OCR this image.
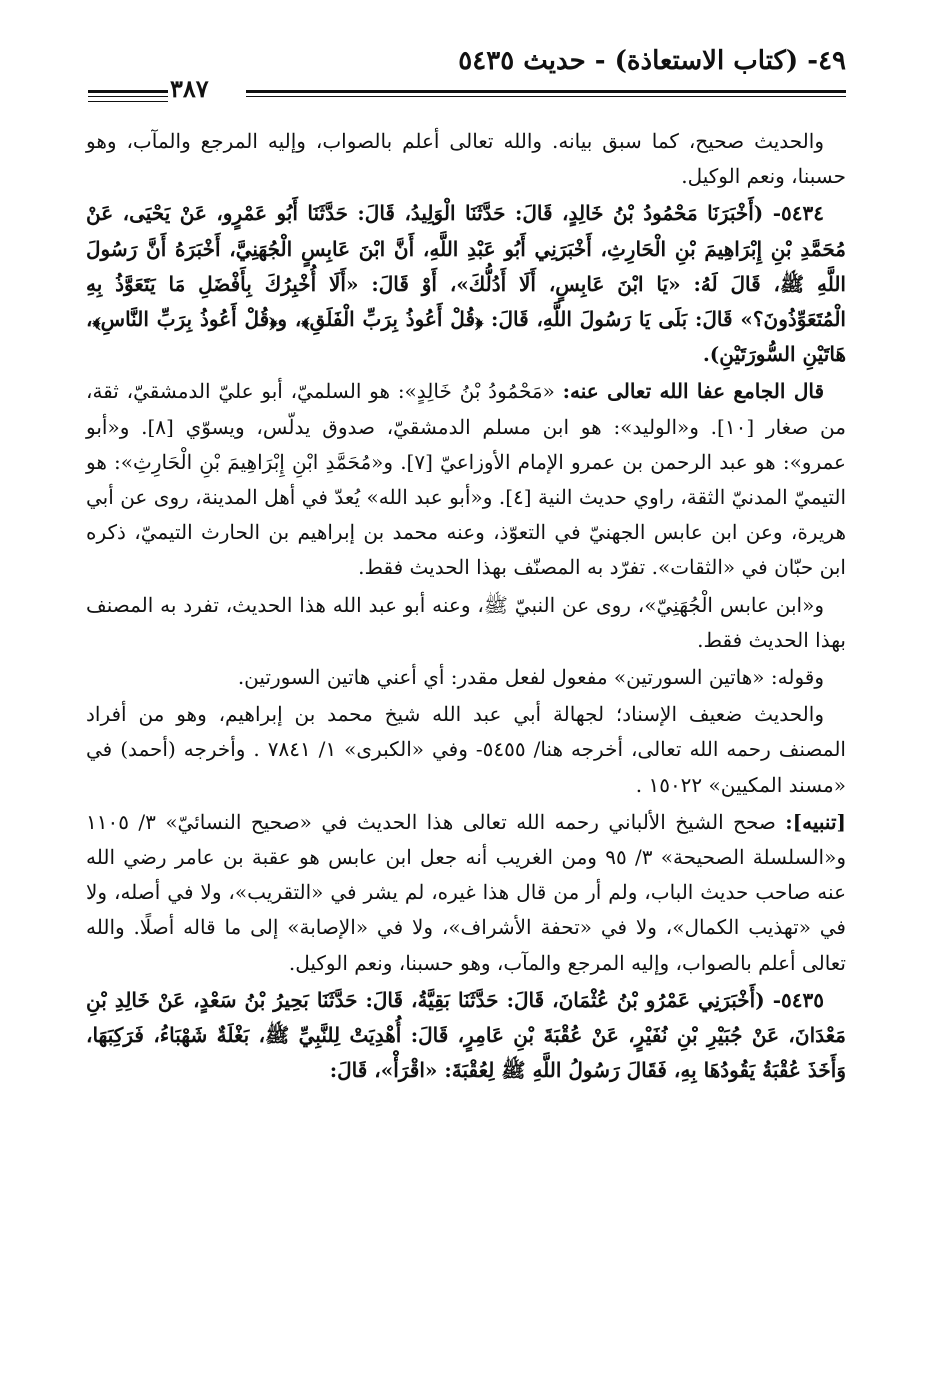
٤٩- (كتاب الاستعاذة) - حديث ٥٤٣٥
٣٨٧

والحديث صحيح، كما سبق بيانه. والله تعالى أعلم بالصواب، وإليه المرجع والمآب، وهو حسبنا، ونعم الوكيل.

٥٤٣٤- (أَخْبَرَنَا مَحْمُودُ بْنُ خَالِدٍ، قَالَ: حَدَّثَنَا الْوَلِيدُ، قَالَ: حَدَّثَنَا أَبُو عَمْرٍو، عَنْ يَحْيَى، عَنْ مُحَمَّدِ بْنِ إِبْرَاهِيمَ بْنِ الْحَارِثِ، أَخْبَرَنِي أَبُو عَبْدِ اللَّهِ، أَنَّ ابْنَ عَابِسٍ الْجُهَنِيَّ، أَخْبَرَهُ أَنَّ رَسُولَ اللَّهِ ﷺ، قَالَ لَهُ: «يَا ابْنَ عَابِسٍ، أَلَا أَدُلُّكَ»، أَوْ قَالَ: «أَلَا أُخْبِرُكَ بِأَفْضَلِ مَا يَتَعَوَّذُ بِهِ الْمُتَعَوِّذُونَ؟» قَالَ: بَلَى يَا رَسُولَ اللَّهِ، قَالَ: ﴿قُلْ أَعُوذُ بِرَبِّ الْفَلَقِ﴾، و﴿قُلْ أَعُوذُ بِرَبِّ النَّاسِ﴾، هَاتَيْنِ السُّورَتَيْنِ).

قال الجامع عفا الله تعالى عنه: «مَحْمُودُ بْنُ خَالِدٍ»: هو السلميّ، أبو عليّ الدمشقيّ، ثقة، من صغار [١٠]. و«الوليد»: هو ابن مسلم الدمشقيّ، صدوق يدلّس، ويسوّي [٨]. و«أبو عمرو»: هو عبد الرحمن بن عمرو الإمام الأوزاعيّ [٧]. و«مُحَمَّدِ ابْنِ إِبْرَاهِيمَ بْنِ الْحَارِثِ»: هو التيميّ المدنيّ الثقة، راوي حديث النية [٤]. و«أبو عبد الله» يُعدّ في أهل المدينة، روى عن أبي هريرة، وعن ابن عابس الجهنيّ في التعوّذ، وعنه محمد بن إبراهيم بن الحارث التيميّ، ذكره ابن حبّان في «الثقات». تفرّد به المصنّف بهذا الحديث فقط.

و«ابن عابس الْجُهَنِيّ»، روى عن النبيّ ﷺ، وعنه أبو عبد الله هذا الحديث، تفرد به المصنف بهذا الحديث فقط.

وقوله: «هاتين السورتين» مفعول لفعل مقدر: أي أعني هاتين السورتين.

والحديث ضعيف الإسناد؛ لجهالة أبي عبد الله شيخ محمد بن إبراهيم، وهو من أفراد المصنف رحمه الله تعالى، أخرجه هنا/ ٥٤٥٥- وفي «الكبرى» ١/ ٧٨٤١ . وأخرجه (أحمد) في «مسند المكيين» ١٥٠٢٢ .

[تنبيه]: صحح الشيخ الألباني رحمه الله تعالى هذا الحديث في «صحيح النسائيّ» ٣/ ١١٠٥ و«السلسلة الصحيحة» ٣/ ٩٥ ومن الغريب أنه جعل ابن عابس هو عقبة بن عامر رضي الله عنه صاحب حديث الباب، ولم أر من قال هذا غيره، لم يشر في «التقريب»، ولا في أصله، ولا في «تهذيب الكمال»، ولا في «تحفة الأشراف»، ولا في «الإصابة» إلى ما قاله أصلًا. والله تعالى أعلم بالصواب، وإليه المرجع والمآب، وهو حسبنا، ونعم الوكيل.

٥٤٣٥- (أَخْبَرَنِي عَمْرُو بْنُ عُثْمَانَ، قَالَ: حَدَّثَنَا بَقِيَّةُ، قَالَ: حَدَّثَنَا بَحِيرُ بْنُ سَعْدٍ، عَنْ خَالِدِ بْنِ مَعْدَانَ، عَنْ جُبَيْرِ بْنِ نُفَيْرٍ، عَنْ عُقْبَةَ بْنِ عَامِرٍ، قَالَ: أُهْدِيَتْ لِلنَّبِيِّ ﷺ، بَغْلَةٌ شَهْبَاءُ، فَرَكِبَهَا، وَأَخَذَ عُقْبَةُ يَقُودُهَا بِهِ، فَقَالَ رَسُولُ اللَّهِ ﷺ لِعُقْبَةَ: «اقْرَأْ»، قَالَ:
